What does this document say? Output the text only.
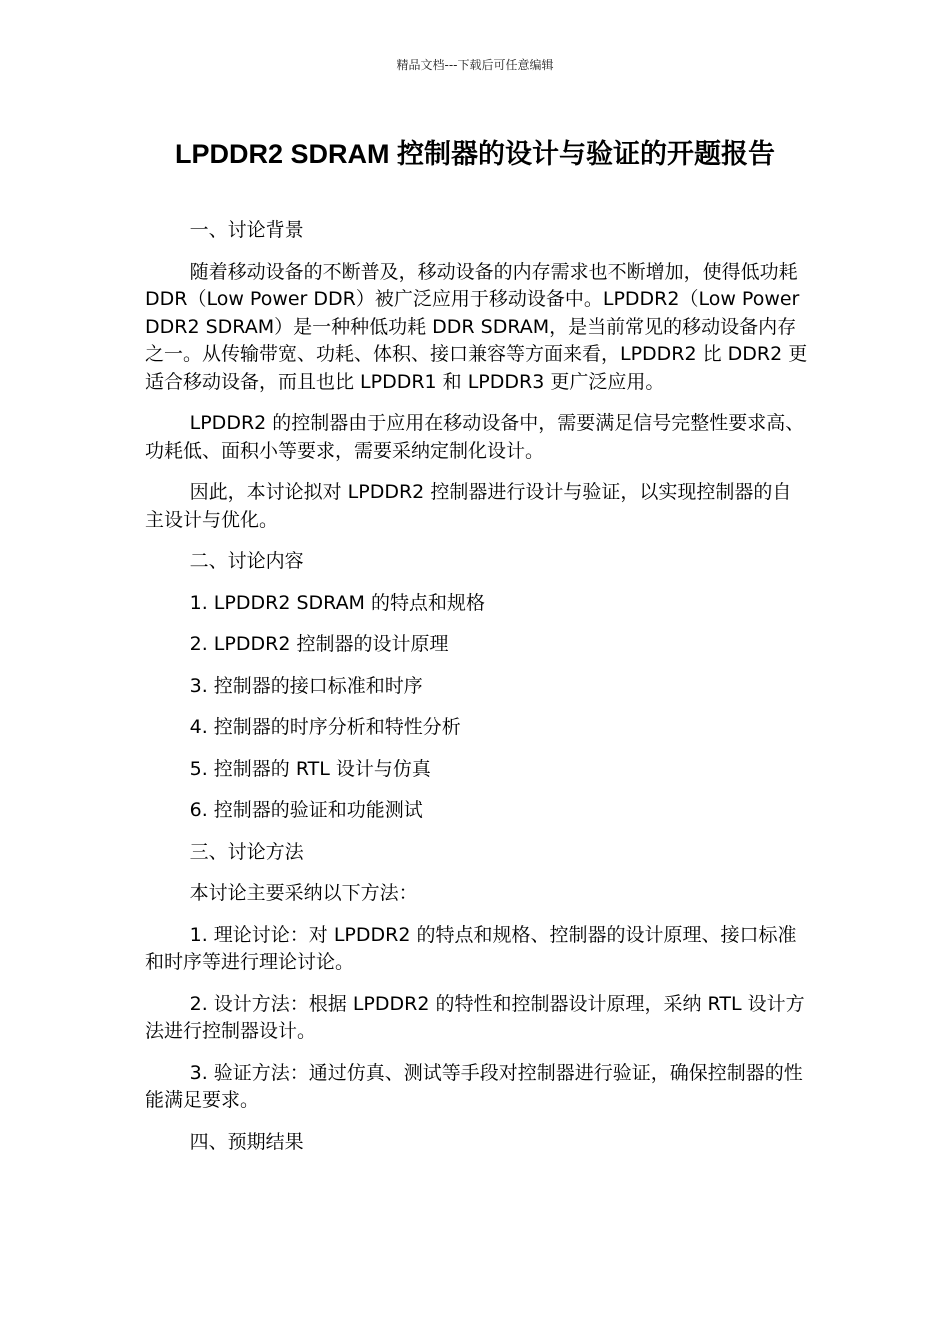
精品文档---下载后可任意编辑
LPDDR2 SDRAM 控制器的设计与验证的开题报告

一、讨论背景

随着移动设备的不断普及，移动设备的内存需求也不断增加，使得低功耗 DDR（Low Power DDR）被广泛应用于移动设备中。LPDDR2（Low Power DDR2 SDRAM）是一种种低功耗 DDR SDRAM，是当前常见的移动设备内存之一。从传输带宽、功耗、体积、接口兼容等方面来看，LPDDR2 比 DDR2 更适合移动设备，而且也比 LPDDR1 和 LPDDR3 更广泛应用。

LPDDR2 的控制器由于应用在移动设备中，需要满足信号完整性要求高、功耗低、面积小等要求，需要采纳定制化设计。

因此，本讨论拟对 LPDDR2 控制器进行设计与验证，以实现控制器的自主设计与优化。

二、讨论内容

1. LPDDR2 SDRAM 的特点和规格

2. LPDDR2 控制器的设计原理

3. 控制器的接口标准和时序

4. 控制器的时序分析和特性分析

5. 控制器的 RTL 设计与仿真

6. 控制器的验证和功能测试

三、讨论方法

本讨论主要采纳以下方法：

1. 理论讨论：对 LPDDR2 的特点和规格、控制器的设计原理、接口标准和时序等进行理论讨论。

2. 设计方法：根据 LPDDR2 的特性和控制器设计原理，采纳 RTL 设计方法进行控制器设计。

3. 验证方法：通过仿真、测试等手段对控制器进行验证，确保控制器的性能满足要求。

四、预期结果
